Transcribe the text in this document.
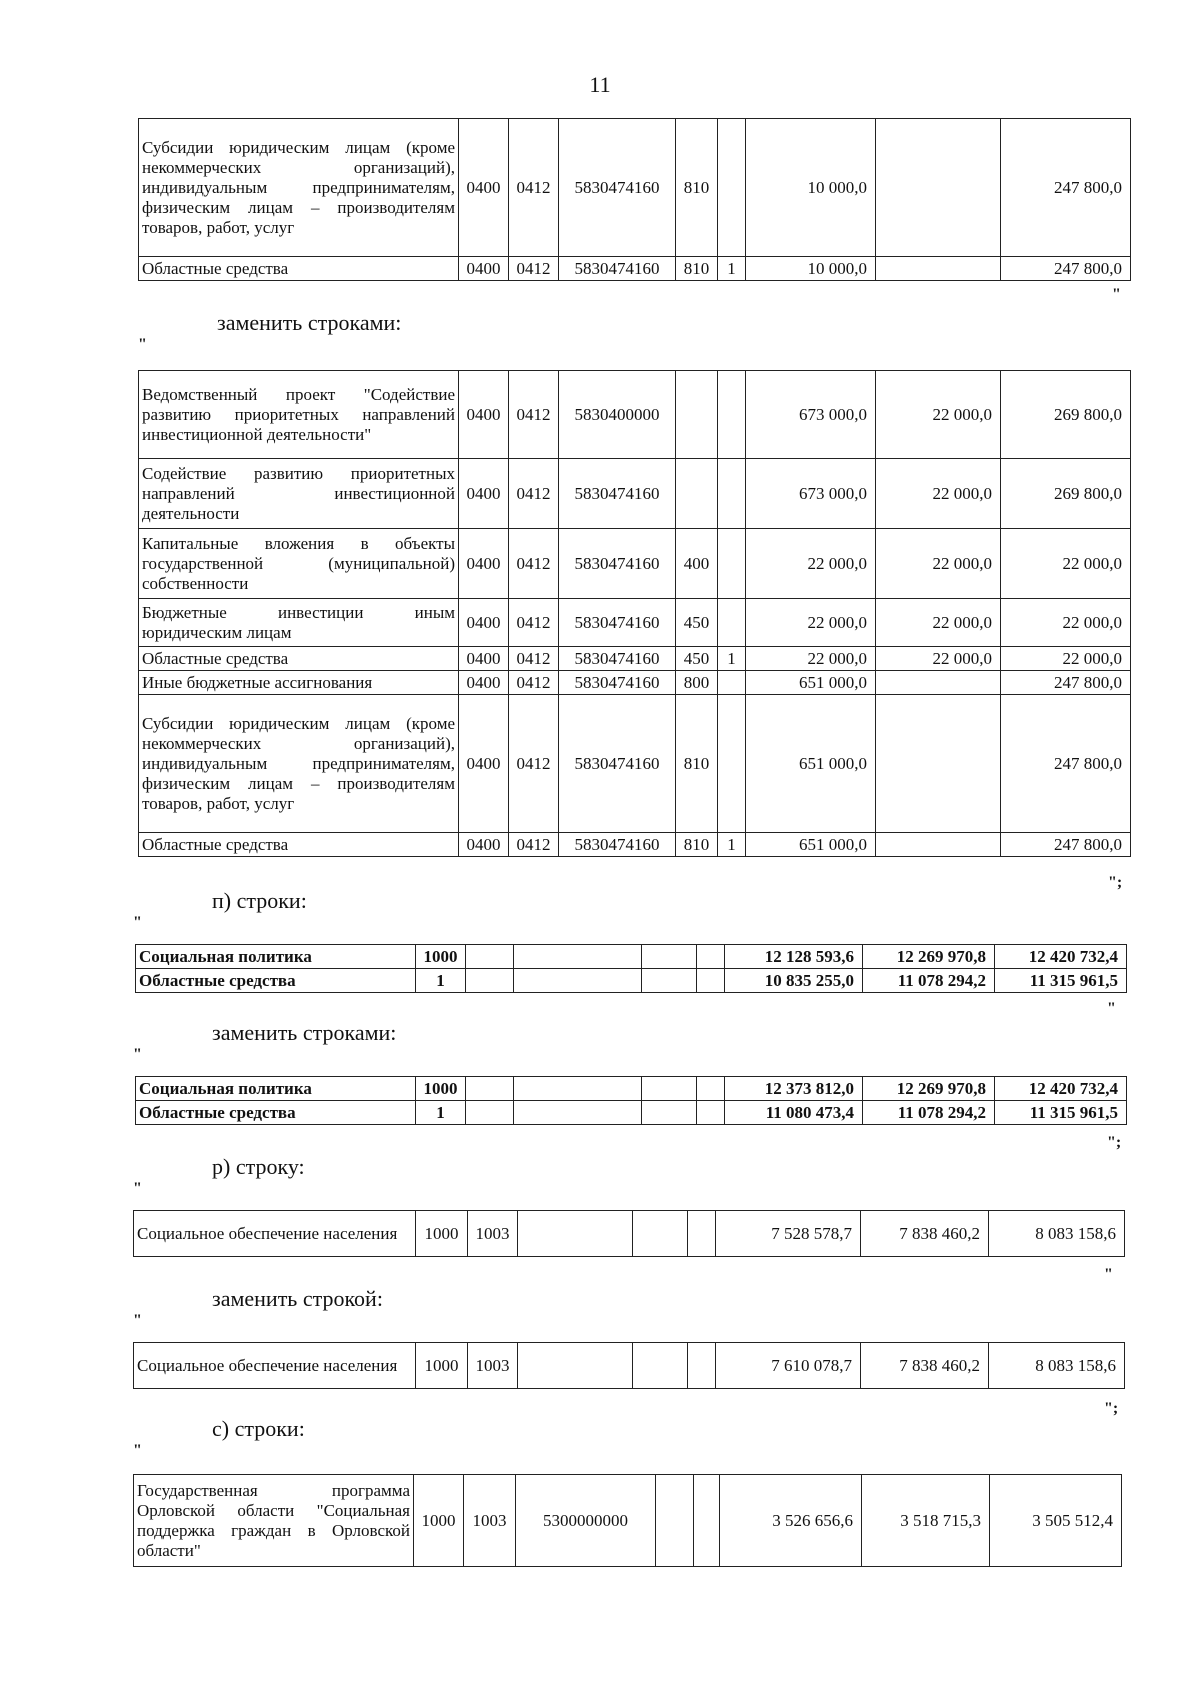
11
Субсидии юридическим лицам (кроме некоммерческих организаций), индивидуальным предпринимателям, физическим лицам – производителям товаров, работ, услуг	0400	0412	5830474160	810		10 000,0		247 800,0
Областные средства	0400	0412	5830474160	810	1	10 000,0		247 800,0
"
заменить строками:
"
Ведомственный проект "Содействие развитию приоритетных направлений инвестиционной деятельности"	0400	0412	5830400000			673 000,0	22 000,0	269 800,0
Содействие развитию приоритетных направлений инвестиционной деятельности	0400	0412	5830474160			673 000,0	22 000,0	269 800,0
Капитальные вложения в объекты государственной (муниципальной) собственности	0400	0412	5830474160	400		22 000,0	22 000,0	22 000,0
Бюджетные инвестиции иным юридическим лицам	0400	0412	5830474160	450		22 000,0	22 000,0	22 000,0
Областные средства	0400	0412	5830474160	450	1	22 000,0	22 000,0	22 000,0
Иные бюджетные ассигнования	0400	0412	5830474160	800		651 000,0		247 800,0
Субсидии юридическим лицам (кроме некоммерческих организаций), индивидуальным предпринимателям, физическим лицам – производителям товаров, работ, услуг	0400	0412	5830474160	810		651 000,0		247 800,0
Областные средства	0400	0412	5830474160	810	1	651 000,0		247 800,0
";
п) строки:
"
Социальная политика	1000					12 128 593,6	12 269 970,8	12 420 732,4
Областные средства	1					10 835 255,0	11 078 294,2	11 315 961,5
"
заменить строками:
"
Социальная политика	1000					12 373 812,0	12 269 970,8	12 420 732,4
Областные средства	1					11 080 473,4	11 078 294,2	11 315 961,5
";
р) строку:
"
Социальное обеспечение населения	1000	1003				7 528 578,7	7 838 460,2	8 083 158,6
"
заменить строкой:
"
Социальное обеспечение населения	1000	1003				7 610 078,7	7 838 460,2	8 083 158,6
";
с) строки:
"
Государственная программа Орловской области "Социальная поддержка граждан в Орловской области"	1000	1003	5300000000			3 526 656,6	3 518 715,3	3 505 512,4
